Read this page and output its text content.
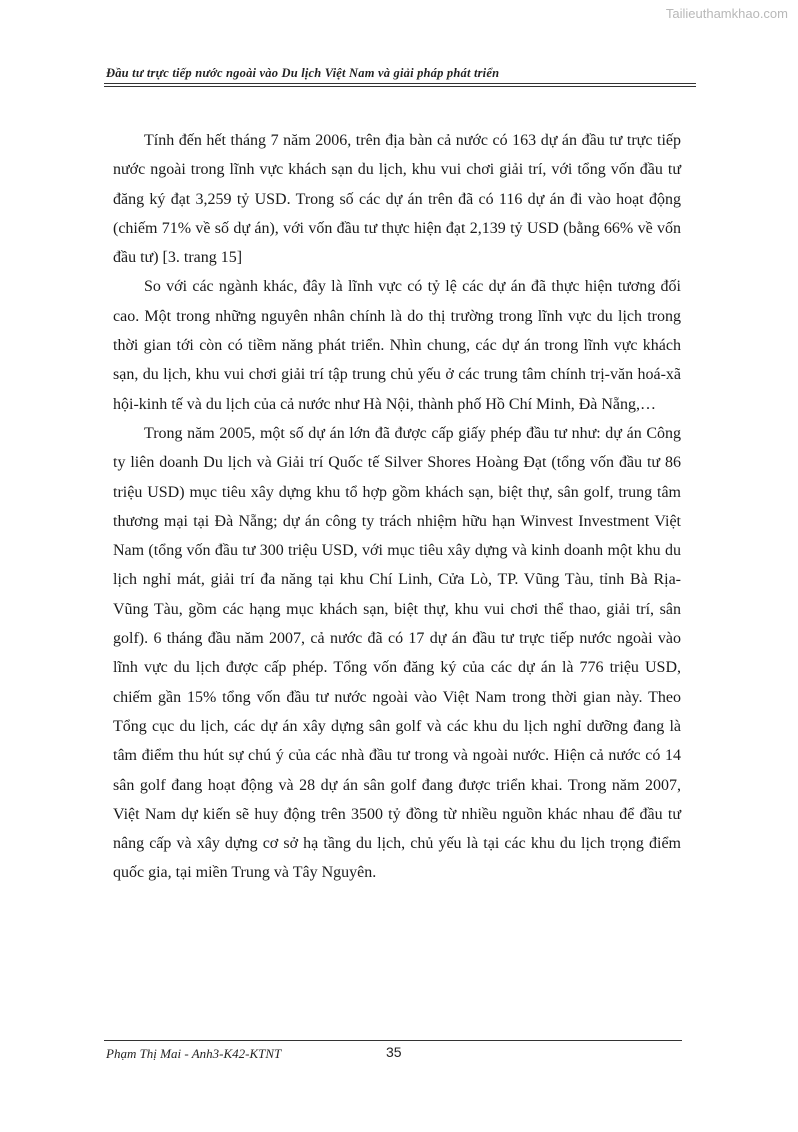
Tailieuthamkhao.com
Đầu tư trực tiếp nước ngoài vào Du lịch Việt Nam và giải pháp phát triển

Tính đến hết tháng 7 năm 2006, trên địa bàn cả nước có 163 dự án đầu tư trực tiếp nước ngoài trong lĩnh vực khách sạn du lịch, khu vui chơi giải trí, với tổng vốn đầu tư đăng ký đạt 3,259 tỷ USD. Trong số các dự án trên đã có 116 dự án đi vào hoạt động (chiếm 71% về số dự án), với vốn đầu tư thực hiện đạt 2,139 tỷ USD (bằng 66% về vốn đầu tư) [3. trang 15]

So với các ngành khác, đây là lĩnh vực có tỷ lệ các dự án đã thực hiện tương đối cao. Một trong những nguyên nhân chính là do thị trường trong lĩnh vực du lịch trong thời gian tới còn có tiềm năng phát triển. Nhìn chung, các dự án trong lĩnh vực khách sạn, du lịch, khu vui chơi giải trí tập trung chủ yếu ở các trung tâm chính trị-văn hoá-xã hội-kinh tế và du lịch của cả nước như Hà Nội, thành phố Hồ Chí Minh, Đà Nẵng,…

Trong năm 2005, một số dự án lớn đã được cấp giấy phép đầu tư như: dự án Công ty liên doanh Du lịch và Giải trí Quốc tế Silver Shores Hoàng Đạt (tổng vốn đầu tư 86 triệu USD) mục tiêu xây dựng khu tổ hợp gồm khách sạn, biệt thự, sân golf, trung tâm thương mại tại Đà Nẵng; dự án công ty trách nhiệm hữu hạn Winvest Investment Việt Nam (tổng vốn đầu tư 300 triệu USD, với mục tiêu xây dựng và kinh doanh một khu du lịch nghỉ mát, giải trí đa năng tại khu Chí Linh, Cửa Lò, TP. Vũng Tàu, tỉnh Bà Rịa- Vũng Tàu, gồm các hạng mục khách sạn, biệt thự, khu vui chơi thể thao, giải trí, sân golf). 6 tháng đầu năm 2007, cả nước đã có 17 dự án đầu tư trực tiếp nước ngoài vào lĩnh vực du lịch được cấp phép. Tổng vốn đăng ký của các dự án là 776 triệu USD, chiếm gần 15% tổng vốn đầu tư nước ngoài vào Việt Nam trong thời gian này. Theo Tổng cục du lịch, các dự án xây dựng sân golf và các khu du lịch nghỉ dưỡng đang là tâm điểm thu hút sự chú ý của các nhà đầu tư trong và ngoài nước. Hiện cả nước có 14 sân golf đang hoạt động và 28 dự án sân golf đang được triển khai. Trong năm 2007, Việt Nam dự kiến sẽ huy động trên 3500 tỷ đồng từ nhiều nguồn khác nhau để đầu tư nâng cấp và xây dựng cơ sở hạ tầng du lịch, chủ yếu là tại các khu du lịch trọng điểm quốc gia, tại miền Trung và Tây Nguyên.

Phạm Thị Mai - Anh3-K42-KTNT	35
